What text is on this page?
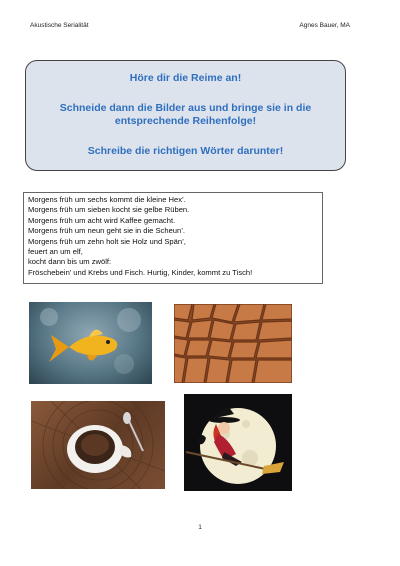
Akustische Serialität	Agnes Bauer, MA
Höre dir die Reime an!
Schneide dann die Bilder aus und bringe sie in die entsprechende Reihenfolge!
Schreibe die richtigen Wörter darunter!
Morgens früh um sechs kommt die kleine Hex’.
Morgens früh um sieben kocht sie gelbe Rüben.
Morgens früh um acht wird Kaffee gemacht.
Morgens früh um neun geht sie in die Scheun’.
Morgens früh um zehn holt sie Holz und Spän’,
feuert an um elf,
kocht dann bis um zwölf:
Fröschebein’ und Krebs und Fisch. Hurtig, Kinder, kommt zu Tisch!
1
